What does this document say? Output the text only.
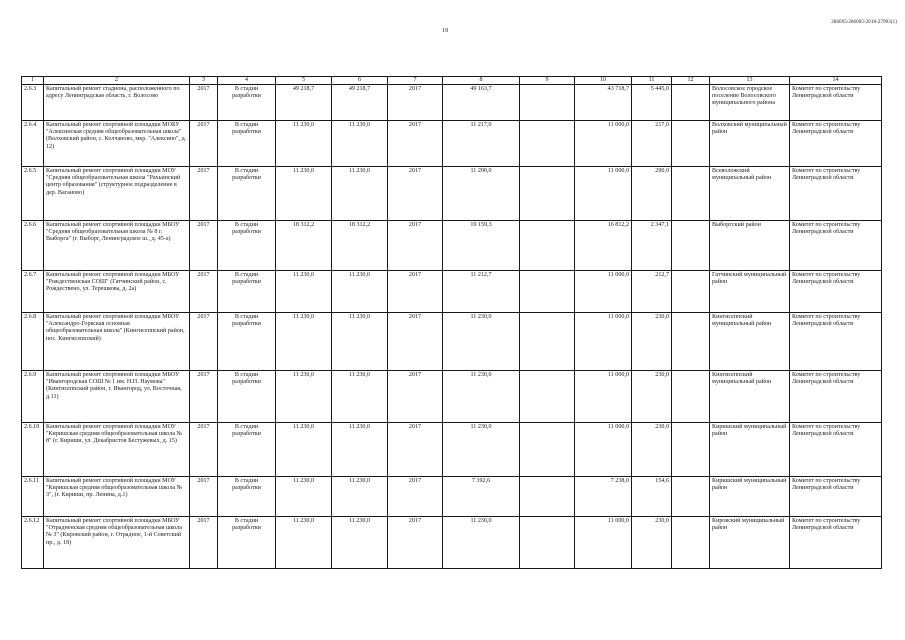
10
286695/286005-2018-27993(1)
1	2	3	4	5	6	7	8	9	10	11	12	13	14
2.6.3	Капитальный ремонт стадиона, расположенного по адресу Ленинградская область, г. Волосово	2017	В стадии разработки	49 218,7	49 218,7	2017	49 163,7		43 718,7	5 445,0		Волосовское городское поселение Волосовского муниципального района	Комитет по строительству Ленинградской области
2.6.4	Капитальный ремонт спортивной площадки МОБУ "Алексинская средняя общеобразовательная школа" (Волховский район, с. Колчаново, мкр. "Алексино", д. 12)	2017	В стадии разработки	11 230,0	11 230,0	2017	11 217,0		11 000,0	217,0		Волховский муниципальный район	Комитет по строительству Ленинградской области
2.6.5	Капитальный ремонт спортивной площадки МОУ "Средняя общеобразовательная школа "Рахьинский центр образования" (структурное подразделение в дер. Ваганово)	2017	В стадии разработки	11 230,0	11 230,0	2017	11 290,0		11 000,0	290,0		Всеволожский муниципальный район	Комитет по строительству Ленинградской области
2.6.6	Капитальный ремонт спортивной площадки МБОУ "Средняя общеобразовательная школа № 8 г. Выборга" (г. Выборг, Ленинградское ш., д. 45-а)	2017	В стадии разработки	18 312,2	18 312,2	2017	19 159,3		16 812,2	2 347,1		Выборгский район	Комитет по строительству Ленинградской области
2.6.7	Капитальный ремонт спортивной площадки МБОУ "Рождественская СОШ" (Гатчинский район, с. Рождествено, ул. Терешкова, д. 2а)	2017	В стадии разработки	11 230,0	11 230,0	2017	11 212,7		11 000,0	212,7		Гатчинский муниципальный район	Комитет по строительству Ленинградской области
2.6.8	Капитальный ремонт спортивной площадки МБОУ "Александро-Горкская основная общеобразовательная школа" (Кингисеппский район, пос. Кингисеппский)	2017	В стадии разработки	11 230,0	11 230,0	2017	11 230,0		11 000,0	230,0		Кингисеппский муниципальный район	Комитет по строительству Ленинградской области
2.6.9	Капитальный ремонт спортивной площадки МБОУ "Ивангородская СОШ № 1 им. Н.П. Наумова" (Кингисеппский район, г. Ивангород, ул. Восточная, д.11)	2017	В стадии разработки	11 230,0	11 230,0	2017	11 230,0		11 000,0	230,0		Кингисеппский муниципальный район	Комитет по строительству Ленинградской области
2.6.10	Капитальный ремонт спортивной площадки МОУ "Киришская средняя общеобразовательная школа № 8" (г. Кириши, ул. Декабристов Бестужевых, д. 15)	2017	В стадии разработки	11 230,0	11 230,0	2017	11 230,0		11 000,0	230,0		Киришский муниципальный район	Комитет по строительству Ленинградской области
2.6.11	Капитальный ремонт спортивной площадки МОУ "Киришская средняя общеобразовательная школа № 3", (г. Кириши, пр. Ленина, д.1)	2017	В стадии разработки	11 230,0	11 230,0	2017	7 392,6		7 238,0	154,6		Киришский муниципальный район	Комитет по строительству Ленинградской области
2.6.12	Капитальный ремонт спортивной площадки МБОУ "Отрадненская средняя общеобразовательная школа № 3" (Кировский район, г. Отрадное, 1-й Советский пр., д. 18)	2017	В стадии разработки	11 230,0	11 230,0	2017	11 230,0		11 000,0	230,0		Кировский муниципальный район	Комитет по строительству Ленинградской области
